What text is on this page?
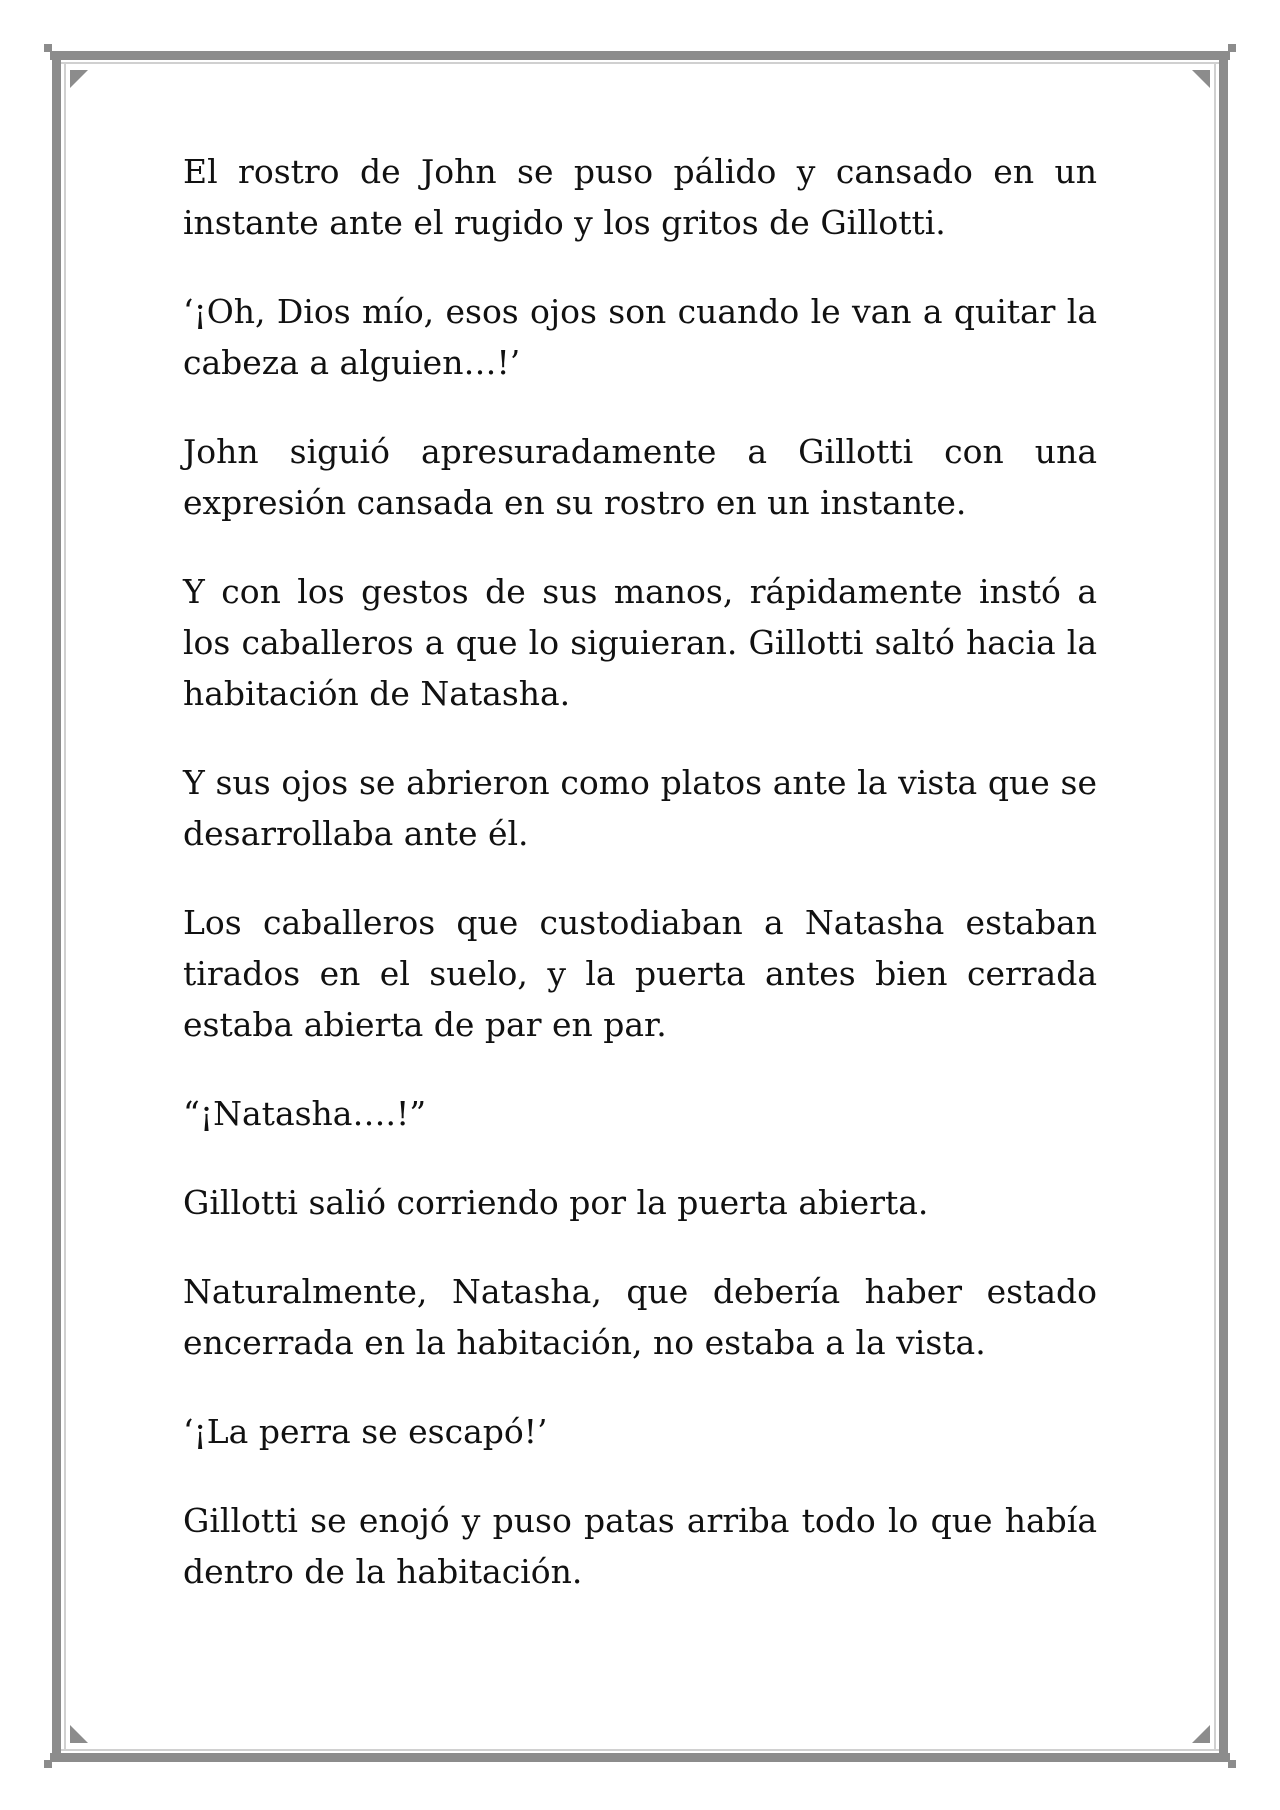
El rostro de John se puso pálido y cansado en un instante ante el rugido y los gritos de Gillotti.

‘¡Oh, Dios mío, esos ojos son cuando le van a quitar la cabeza a alguien…!’

John siguió apresuradamente a Gillotti con una expresión cansada en su rostro en un instante.

Y con los gestos de sus manos, rápidamente instó a los caballeros a que lo siguieran. Gillotti saltó hacia la habitación de Natasha.

Y sus ojos se abrieron como platos ante la vista que se desarrollaba ante él.

Los caballeros que custodiaban a Natasha estaban tirados en el suelo, y la puerta antes bien cerrada estaba abierta de par en par.

“¡Natasha….!”

Gillotti salió corriendo por la puerta abierta.

Naturalmente, Natasha, que debería haber estado encerrada en la habitación, no estaba a la vista.

‘¡La perra se escapó!’

Gillotti se enojó y puso patas arriba todo lo que había dentro de la habitación.
